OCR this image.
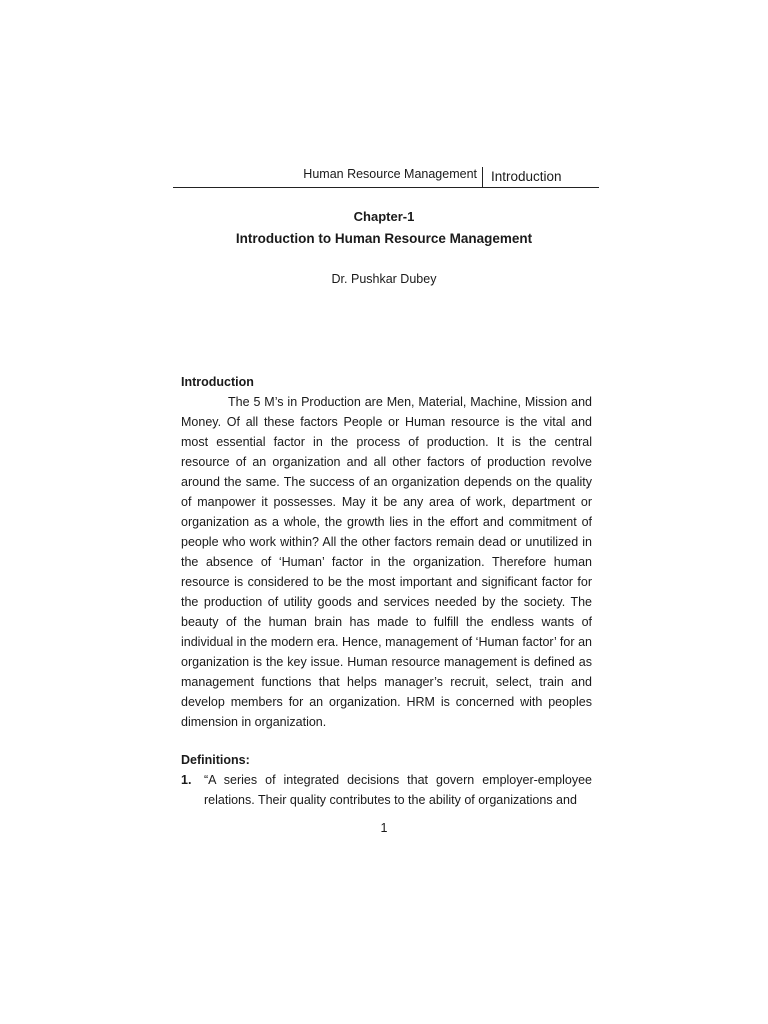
Human Resource Management Introduction
Chapter-1
Introduction to Human Resource Management
Dr. Pushkar Dubey

Introduction

The 5 M’s in Production are Men, Material, Machine, Mission and Money. Of all these factors People or Human resource is the vital and most essential factor in the process of production. It is the central resource of an organization and all other factors of production revolve around the same. The success of an organization depends on the quality of manpower it possesses. May it be any area of work, department or organization as a whole, the growth lies in the effort and commitment of people who work within? All the other factors remain dead or unutilized in the absence of ‘Human’ factor in the organization. Therefore human resource is considered to be the most important and significant factor for the production of utility goods and services needed by the society. The beauty of the human brain has made to fulfill the endless wants of individual in the modern era. Hence, management of ‘Human factor’ for an organization is the key issue. Human resource management is defined as management functions that helps manager’s recruit, select, train and develop members for an organization. HRM is concerned with peoples dimension in organization.

Definitions:

1. “A series of integrated decisions that govern employer-employee relations. Their quality contributes to the ability of organizations and
1
